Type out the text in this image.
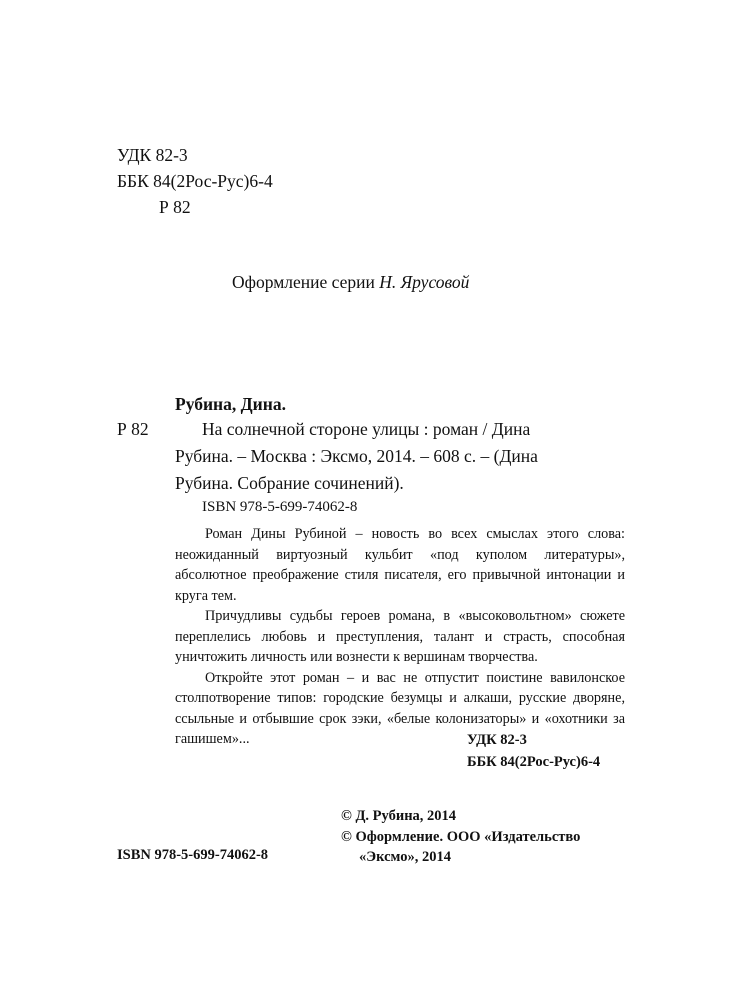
УДК 82-3
ББК 84(2Рос-Рус)6-4
Р 82
Оформление серии Н. Ярусовой
Рубина, Дина.
Р 82	На солнечной стороне улицы : роман / Дина
Рубина. – Москва : Эксмо, 2014. – 608 с. – (Дина
Рубина. Собрание сочинений).
ISBN 978-5-699-74062-8

Роман Дины Рубиной – новость во всех смыслах этого слова: неожиданный виртуозный кульбит «под куполом литературы», абсолютное преображение стиля писателя, его привычной интонации и круга тем.

Причудливы судьбы героев романа, в «высоковольтном» сюжете переплелись любовь и преступления, талант и страсть, способная уничтожить личность или вознести к вершинам творчества.

Откройте этот роман – и вас не отпустит поистине вавилонское столпотворение типов: городские безумцы и алкаши, русские дворяне, ссыльные и отбывшие срок зэки, «белые колонизаторы» и «охотники за гашишем»...	УДК 82-3
ББК 84(2Рос-Рус)6-4
© Д. Рубина, 2014
© Оформление. ООО «Издательство
«Эксмо», 2014
ISBN 978-5-699-74062-8
